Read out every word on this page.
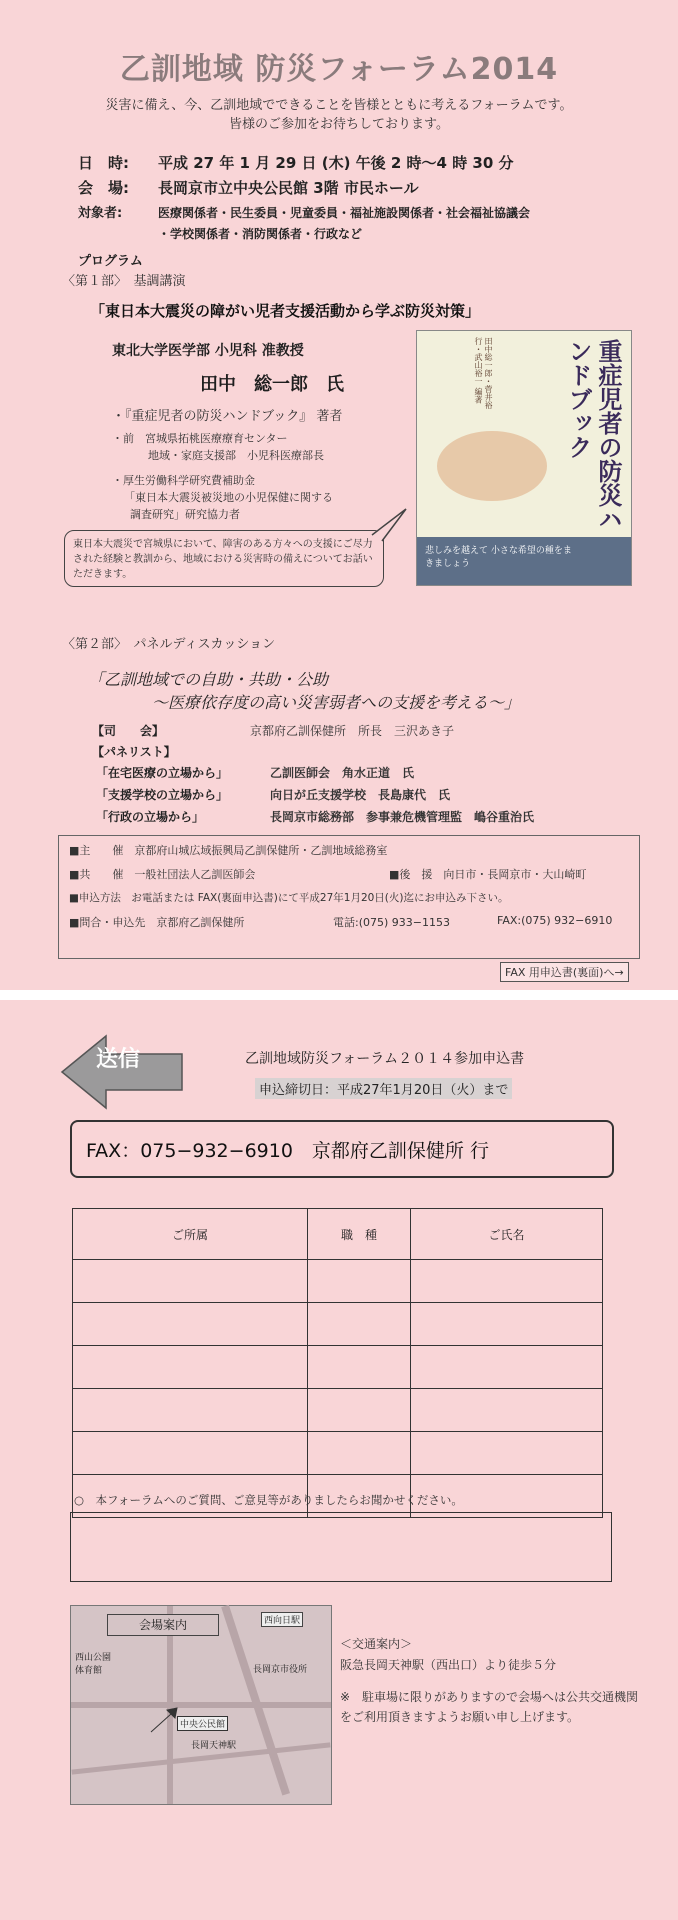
乙訓地域 防災フォーラム2014
災害に備え、今、乙訓地域でできることを皆様とともに考えるフォーラムです。
皆様のご参加をお待ちしております。
日　時: 平成 27 年 1 月 29 日 (木) 午後 2 時〜4 時 30 分
会　場: 長岡京市立中央公民館 3階 市民ホール
対象者:	医療関係者・民生委員・児童委員・福祉施設関係者・社会福祉協議会
・学校関係者・消防関係者・行政など
プログラム
〈第１部〉　基調講演
「東日本大震災の障がい児者支援活動から学ぶ防災対策」
東北大学医学部 小児科 准教授
田中　総一郎　氏
・『重症児者の防災ハンドブック』 著者
・前　宮城県拓桃医療療育センター
地域・家庭支援部　小児科医療部長
・厚生労働科学研究費補助金
「東日本大震災被災地の小児保健に関する
調査研究」研究協力者
田中総一郎・菅井裕行・武山裕一 編著	重症児者の防災ハンドブック
悲しみを越えて 小さな希望の種をまきましょう
東日本大震災で宮城県において、障害のある方々への支援にご尽力された経験と教訓から、地域における災害時の備えについてお話いただきます。
〈第２部〉　パネルディスカッション
「乙訓地域での自助・共助・公助
〜医療依存度の高い災害弱者への支援を考える〜」
【司　　会】	京都府乙訓保健所　所長　三沢あき子
【パネリスト】
「在宅医療の立場から」	乙訓医師会　角水正道　氏
「支援学校の立場から」	向日が丘支援学校　長島康代　氏
「行政の立場から」	長岡京市総務部　参事兼危機管理監　嶋谷重治氏
■主　　催　京都府山城広域振興局乙訓保健所・乙訓地域総務室
■共　　催　一般社団法人乙訓医師会	■後　援　向日市・長岡京市・大山崎町
■申込方法　お電話または FAX(裏面申込書)にて平成27年1月20日(火)迄にお申込み下さい。
■問合・申込先　京都府乙訓保健所	電話:(075) 933−1153	FAX:(075) 932−6910
FAX 用申込書(裏面)へ→
送信	乙訓地域防災フォーラム２０１４参加申込書
申込締切日：平成27年1月20日（火）まで
FAX：075−932−6910　京都府乙訓保健所 行
ご所属	職　種	ご氏名

○　本フォーラムへのご質問、ご意見等がありましたらお聞かせください。
会場案内	西向日駅
長岡京市役所
中央公民館
長岡天神駅
西山公園体育館
＜交通案内＞
阪急長岡天神駅（西出口）より徒歩５分
※　駐車場に限りがありますので会場へは公共交通機関をご利用頂きますようお願い申し上げます。
